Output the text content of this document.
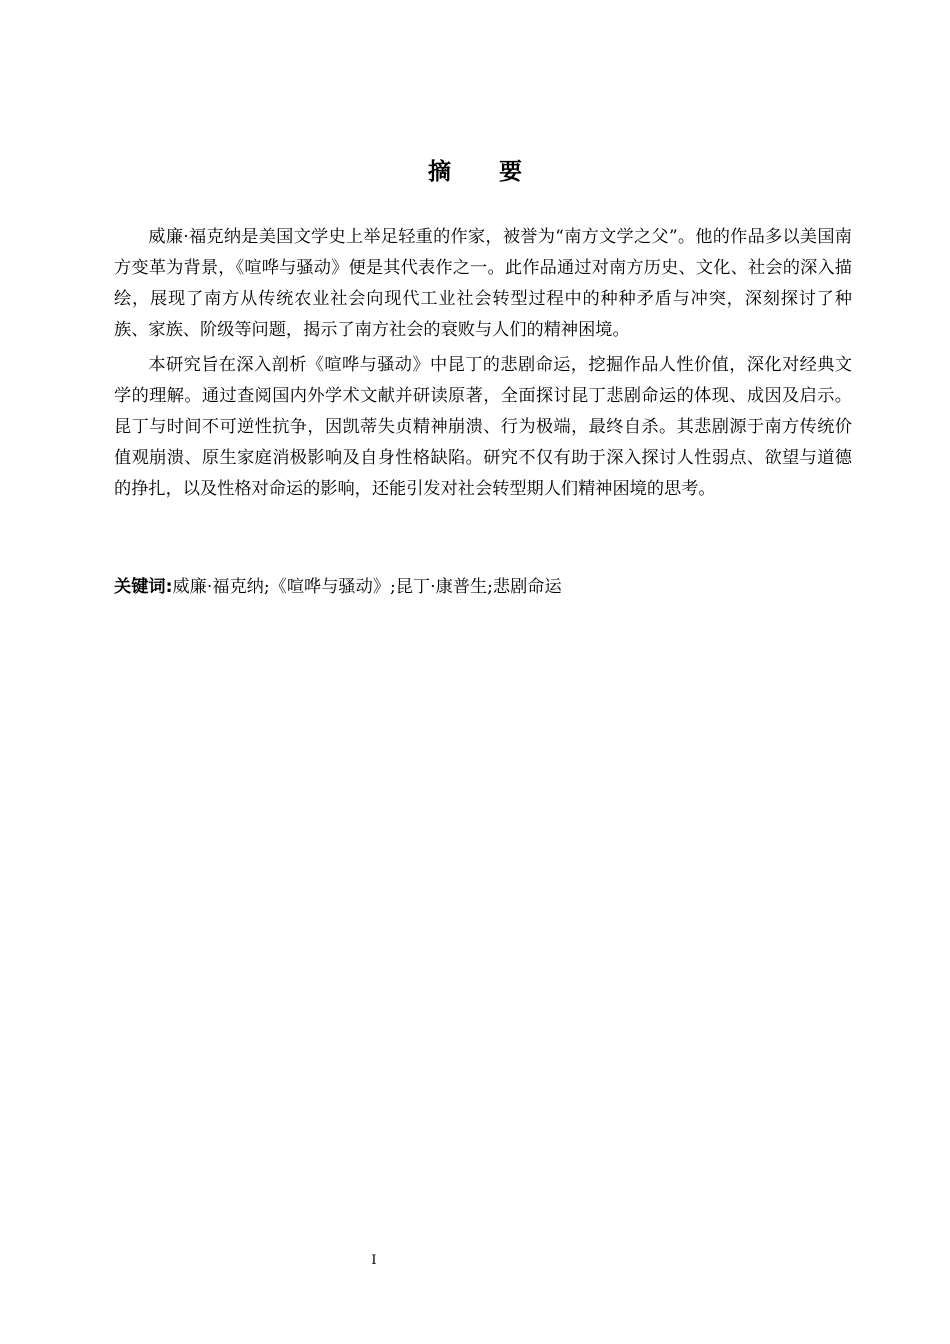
摘 要

威廉·福克纳是美国文学史上举足轻重的作家，被誉为“南方文学之父”。他的作品多以美国南方变革为背景，《喧哗与骚动》便是其代表作之一。此作品通过对南方历史、文化、社会的深入描绘，展现了南方从传统农业社会向现代工业社会转型过程中的种种矛盾与冲突，深刻探讨了种族、家族、阶级等问题，揭示了南方社会的衰败与人们的精神困境。

本研究旨在深入剖析《喧哗与骚动》中昆丁的悲剧命运，挖掘作品人性价值，深化对经典文学的理解。通过查阅国内外学术文献并研读原著，全面探讨昆丁悲剧命运的体现、成因及启示。昆丁与时间不可逆性抗争，因凯蒂失贞精神崩溃、行为极端，最终自杀。其悲剧源于南方传统价值观崩溃、原生家庭消极影响及自身性格缺陷。研究不仅有助于深入探讨人性弱点、欲望与道德的挣扎，以及性格对命运的影响，还能引发对社会转型期人们精神困境的思考。

关键词:威廉·福克纳;《喧哗与骚动》;昆丁·康普生;悲剧命运
I
